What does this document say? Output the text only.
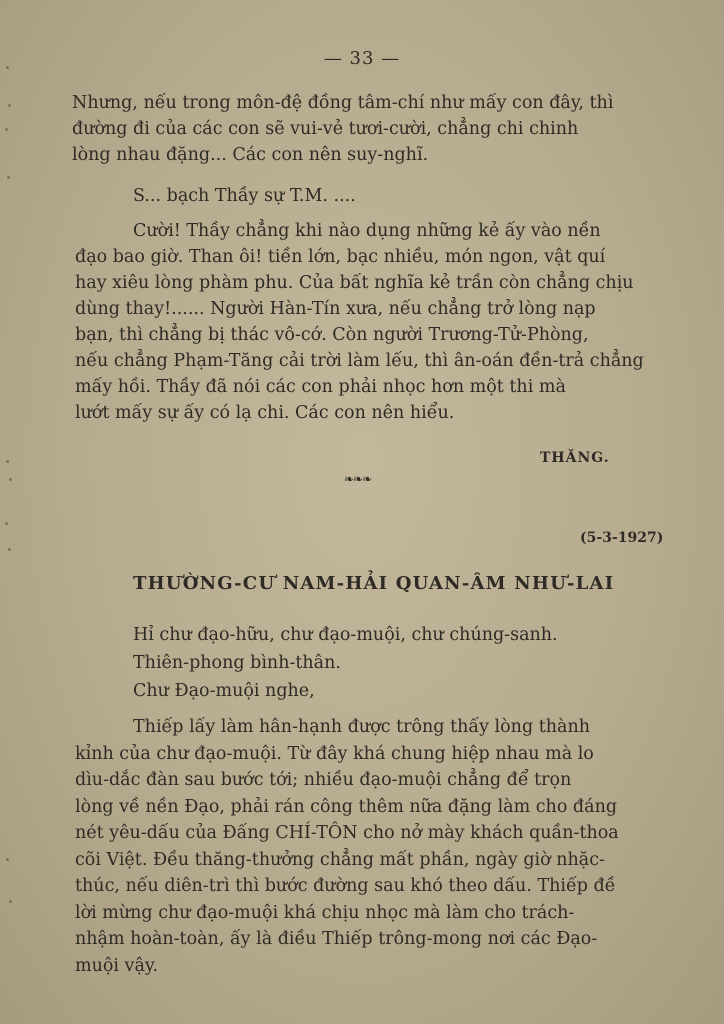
— 33 —
Nhưng, nếu trong môn-đệ đồng tâm-chí như mấy con đây, thì
đường đi của các con sẽ vui-vẻ tươi-cười, chẳng chi chinh
lòng nhau đặng... Các con nên suy-nghĩ.
S... bạch Thầy sự T.M. ....
Cười! Thầy chẳng khi nào dụng những kẻ ấy vào nền
đạo bao giờ. Than ôi! tiền lớn, bạc nhiều, món ngon, vật quí
hay xiêu lòng phàm phu. Của bất nghĩa kẻ trần còn chẳng chịu
dùng thay!...... Người Hàn-Tín xưa, nếu chẳng trở lòng nạp
bạn, thì chẳng bị thác vô-cớ. Còn người Trương-Tử-Phòng,
nếu chẳng Phạm-Tăng cải trời làm lếu, thì ân-oán đền-trả chẳng
mấy hồi. Thầy đã nói các con phải nhọc hơn một thi mà
lướt mấy sự ấy có lạ chi. Các con nên hiểu.
THĂNG.
❧❧❧
(5-3-1927)
THƯỜNG-CƯ NAM-HẢI QUAN-ÂM NHƯ-LAI
Hỉ chư đạo-hữu, chư đạo-muội, chư chúng-sanh.
Thiên-phong bình-thân.
Chư Đạo-muội nghe,
Thiếp lấy làm hân-hạnh được trông thấy lòng thành
kỉnh của chư đạo-muội. Từ đây khá chung hiệp nhau mà lo
dìu-dắc đàn sau bước tới; nhiều đạo-muội chẳng để trọn
lòng về nền Đạo, phải rán công thêm nữa đặng làm cho đáng
nét yêu-dấu của Đấng CHÍ-TÔN cho nở mày khách quần-thoa
cõi Việt. Đều thăng-thưởng chẳng mất phần, ngày giờ nhặc-
thúc, nếu diên-trì thì bước đường sau khó theo dấu. Thiếp đề
lời mừng chư đạo-muội khá chịu nhọc mà làm cho trách-
nhậm hoàn-toàn, ấy là điều Thiếp trông-mong nơi các Đạo-
muội vậy.
